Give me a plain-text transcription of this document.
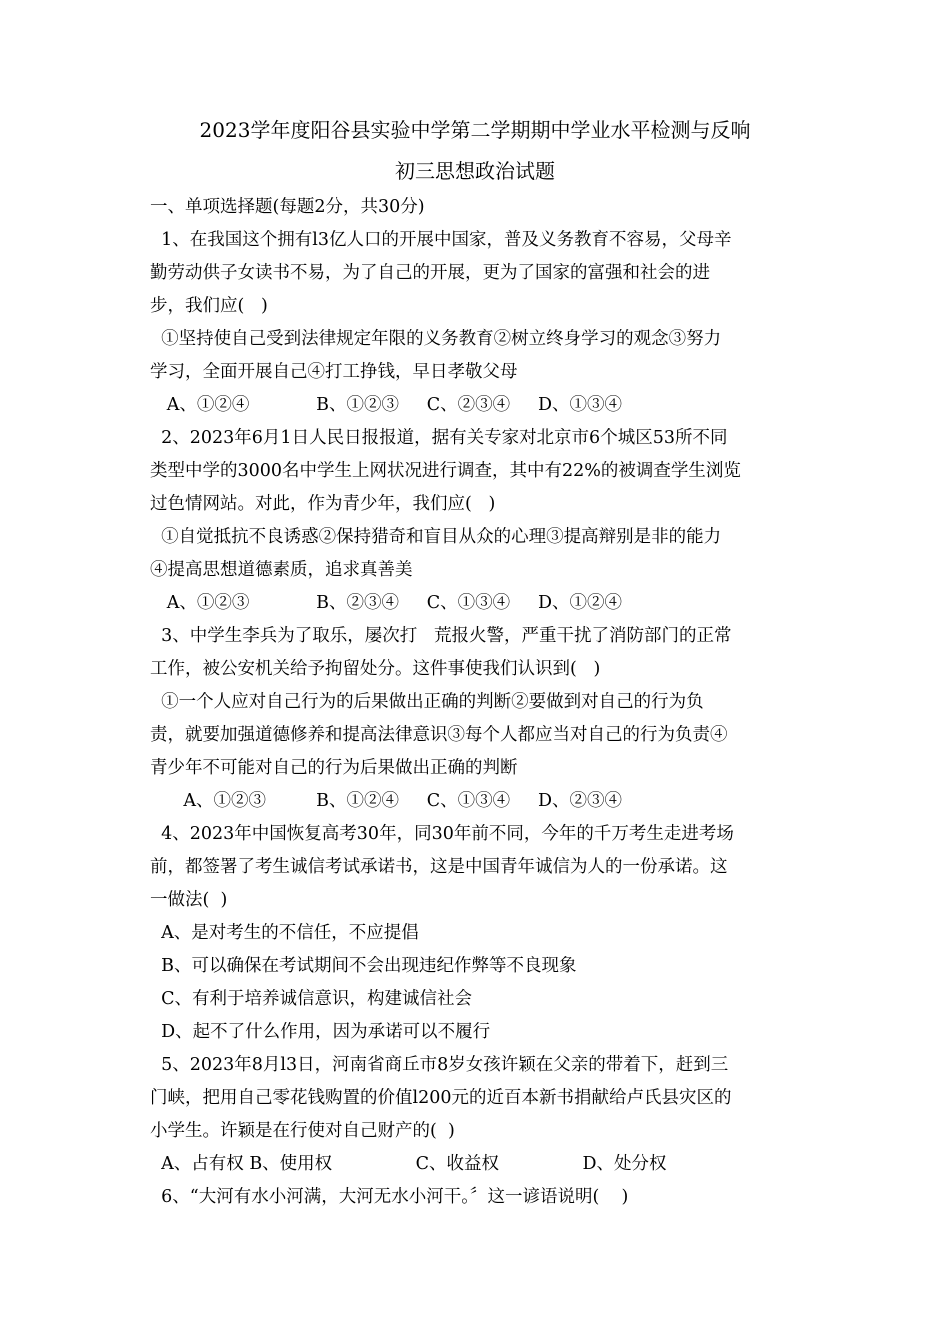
2023学年度阳谷县实验中学第二学期期中学业水平检测与反响
初三思想政治试题
一、单项选择题(每题2分，共30分)
1、在我国这个拥有l3亿人口的开展中国家，普及义务教育不容易，父母辛
勤劳动供子女读书不易，为了自己的开展，更为了国家的富强和社会的进
步，我们应(   )
①坚持使自己受到法律规定年限的义务教育②树立终身学习的观念③努力
学习，全面开展自己④打工挣钱，早日孝敬父母
A、①②④            B、①②③     C、②③④     D、①③④
2、2023年6月1日人民日报报道，据有关专家对北京市6个城区53所不同
类型中学的3000名中学生上网状况进行调查，其中有22%的被调查学生浏览
过色情网站。对此，作为青少年，我们应(   )
①自觉抵抗不良诱惑②保持猎奇和盲目从众的心理③提高辩别是非的能力
④提高思想道德素质，追求真善美
A、①②③            B、②③④     C、①③④     D、①②④
3、中学生李兵为了取乐，屡次打   荒报火警，严重干扰了消防部门的正常
工作，被公安机关给予拘留处分。这件事使我们认识到(   )
①一个人应对自己行为的后果做出正确的判断②要做到对自己的行为负
责，就要加强道德修养和提高法律意识③每个人都应当对自己的行为负责④
青少年不可能对自己的行为后果做出正确的判断
A、①②③         B、①②④     C、①③④     D、②③④
4、2023年中国恢复高考30年，同30年前不同，今年的千万考生走进考场
前，都签署了考生诚信考试承诺书，这是中国青年诚信为人的一份承诺。这
一做法(  )
A、是对考生的不信任，不应提倡
B、可以确保在考试期间不会出现违纪作弊等不良现象
C、有利于培养诚信意识，构建诚信社会
D、起不了什么作用，因为承诺可以不履行
5、2023年8月l3日，河南省商丘市8岁女孩许颖在父亲的带着下，赶到三
门峡，把用自己零花钱购置的价值l200元的近百本新书捐献给卢氏县灾区的
小学生。许颖是在行使对自己财产的(  )
A、占有权 B、使用权               C、收益权               D、处分权
6、“大河有水小河满，大河无水小河干。〞这一谚语说明(    )
